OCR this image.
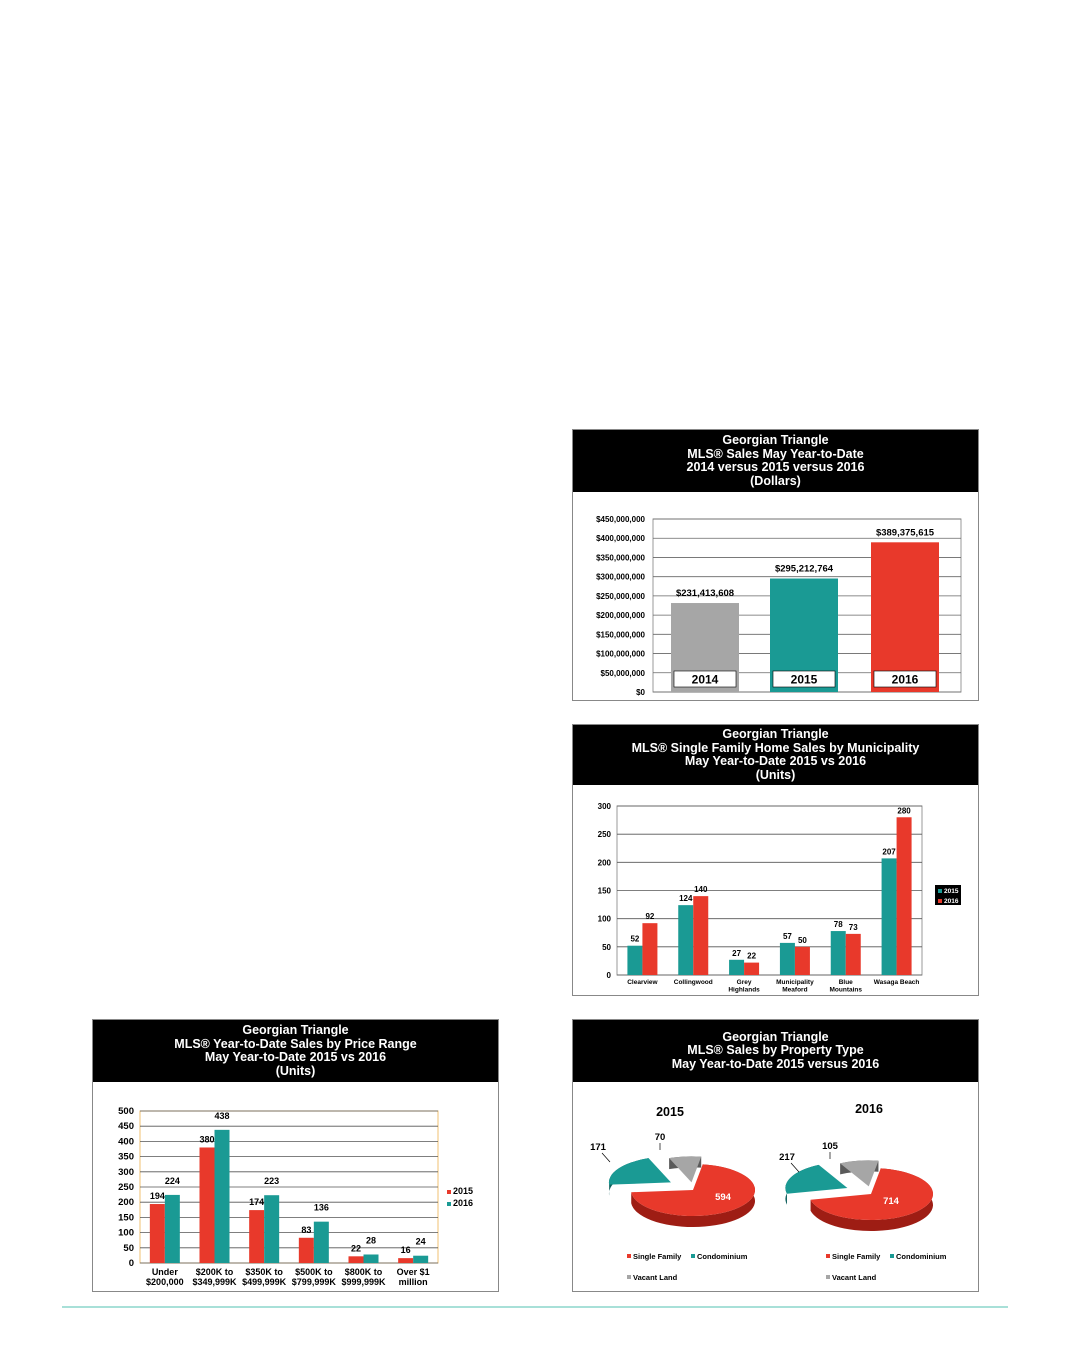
Georgian Triangle
MLS® Sales May Year-to-Date
2014 versus 2015 versus 2016
(Dollars)
$0
$50,000,000
$100,000,000
$150,000,000
$200,000,000
$250,000,000
$300,000,000
$350,000,000
$400,000,000
$450,000,000
$231,413,608
2014
$295,212,764
2015
$389,375,615
2016
Georgian Triangle
MLS® Single Family Home Sales by Municipality
May Year-to-Date 2015 vs 2016
(Units)
0
50
100
150
200
250
300
52
92
Clearview
124
140
Collingwood
27 22
Grey
Highlands
57 50
Municipality
Meaford
78 73
Blue
Mountains
207
280
Wasaga Beach
2015
2016
Georgian Triangle
MLS® Year-to-Date Sales by Price Range
May Year-to-Date 2015 vs 2016
(Units)
0
50
100
150
200
250
300
350
400
450
500
194
224
Under
$200,000
380
438
$200K to
$349,999K
174
223
$350K to
$499,999K
83
136
$500K to
$799,999K
22
28
$800K to
$999,999K
16
24
Over $1
million
2015
2016
Georgian Triangle
MLS® Sales by Property Type
May Year-to-Date 2015 versus 2016
2015
594
171
70
Single Family Condominium
Vacant Land
2016
714
217
105
Single Family Condominium
Vacant Land
